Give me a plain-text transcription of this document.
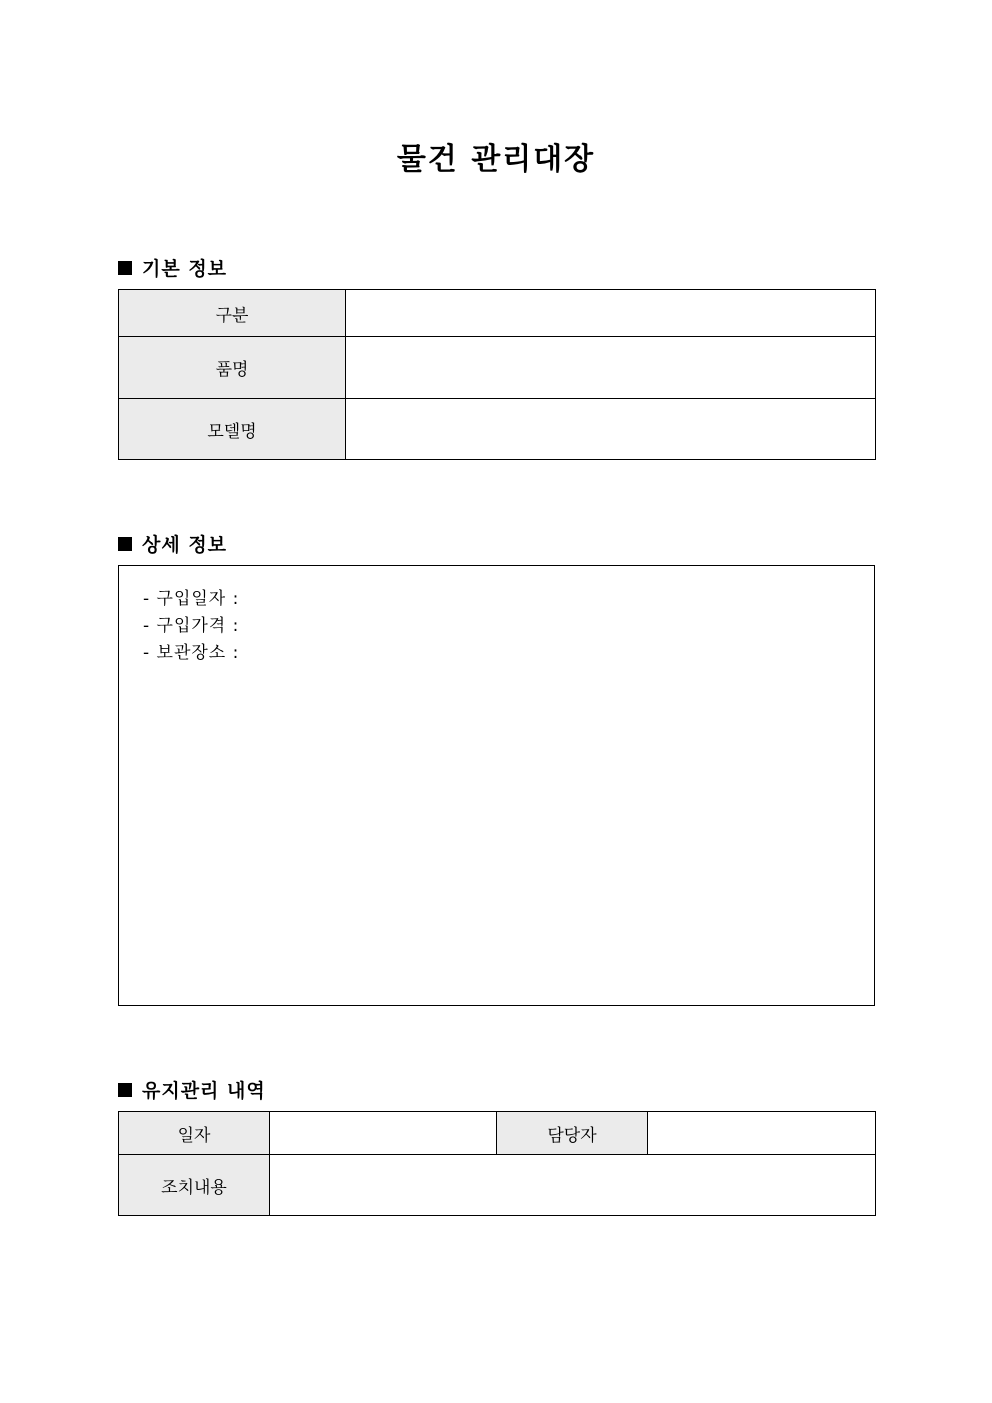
물건 관리대장
기본 정보
구분	
품명	
모델명	
상세 정보
- 구입일자 :
- 구입가격 :
- 보관장소 :
유지관리 내역
일자		담당자	
조치내용			
